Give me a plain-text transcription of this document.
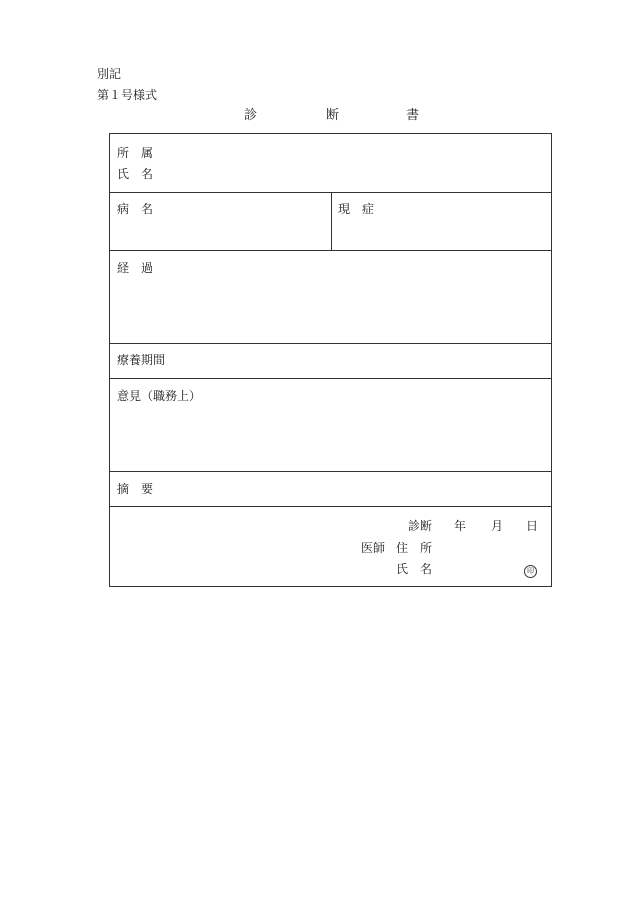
別記
第１号様式
診	断	書
所　属
氏　名
病　名	現　症
経　過
療養期間
意見（職務上）
摘　要
診断 年 月 日
医師 住　所
氏　名	印
